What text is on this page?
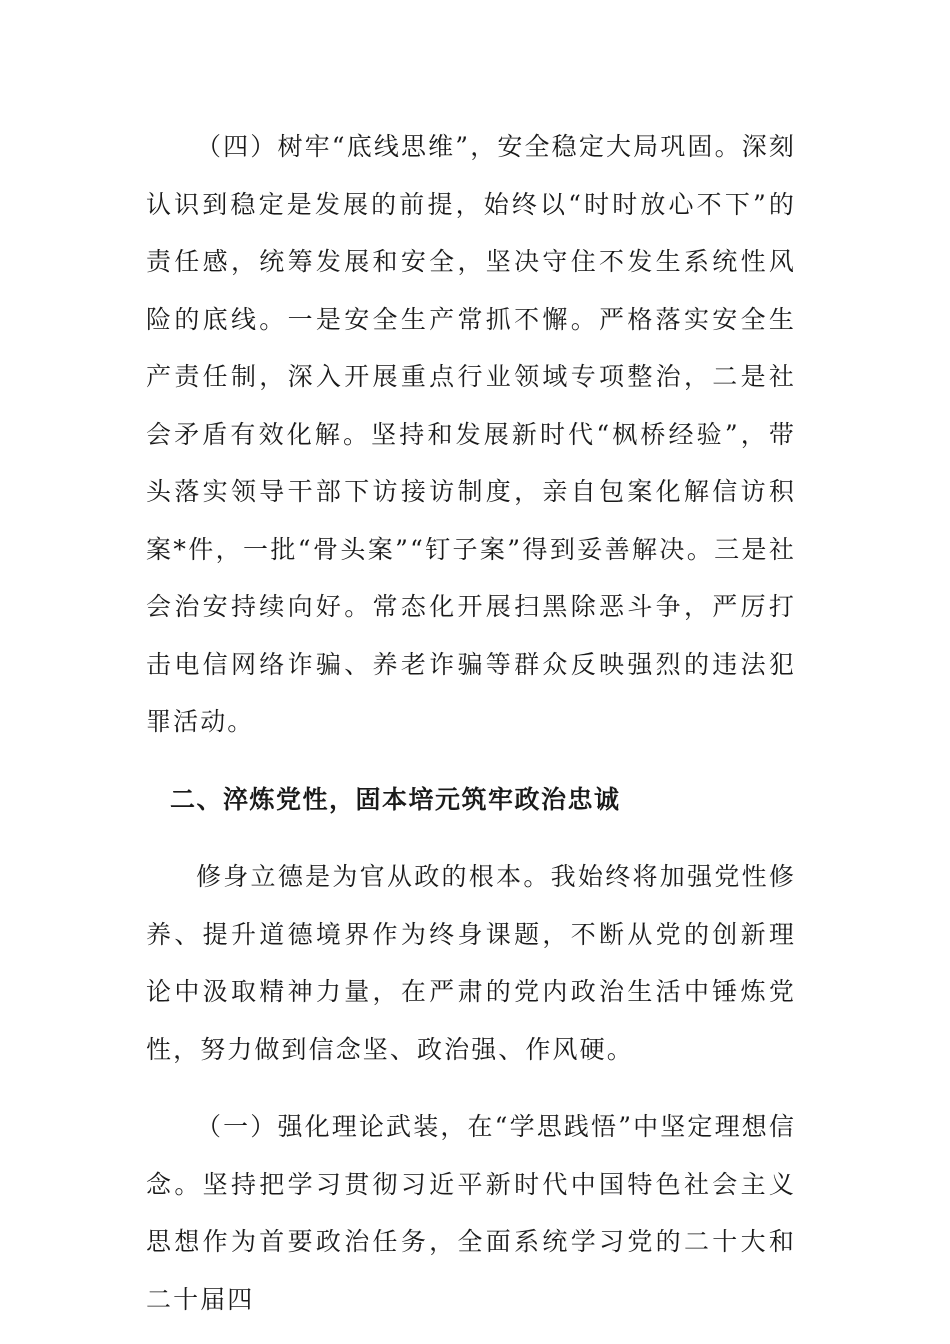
（四）树牢“底线思维”，安全稳定大局巩固。深刻认识到稳定是发展的前提，始终以“时时放心不下”的责任感，统筹发展和安全，坚决守住不发生系统性风险的底线。一是安全生产常抓不懈。严格落实安全生产责任制，深入开展重点行业领域专项整治，二是社会矛盾有效化解。坚持和发展新时代“枫桥经验”，带头落实领导干部下访接访制度，亲自包案化解信访积案*件，一批“骨头案”“钉子案”得到妥善解决。三是社会治安持续向好。常态化开展扫黑除恶斗争，严厉打击电信网络诈骗、养老诈骗等群众反映强烈的违法犯罪活动。

二、淬炼党性，固本培元筑牢政治忠诚

修身立德是为官从政的根本。我始终将加强党性修养、提升道德境界作为终身课题，不断从党的创新理论中汲取精神力量，在严肃的党内政治生活中锤炼党性，努力做到信念坚、政治强、作风硬。

（一）强化理论武装，在“学思践悟”中坚定理想信念。坚持把学习贯彻习近平新时代中国特色社会主义思想作为首要政治任务，全面系统学习党的二十大和二十届四
